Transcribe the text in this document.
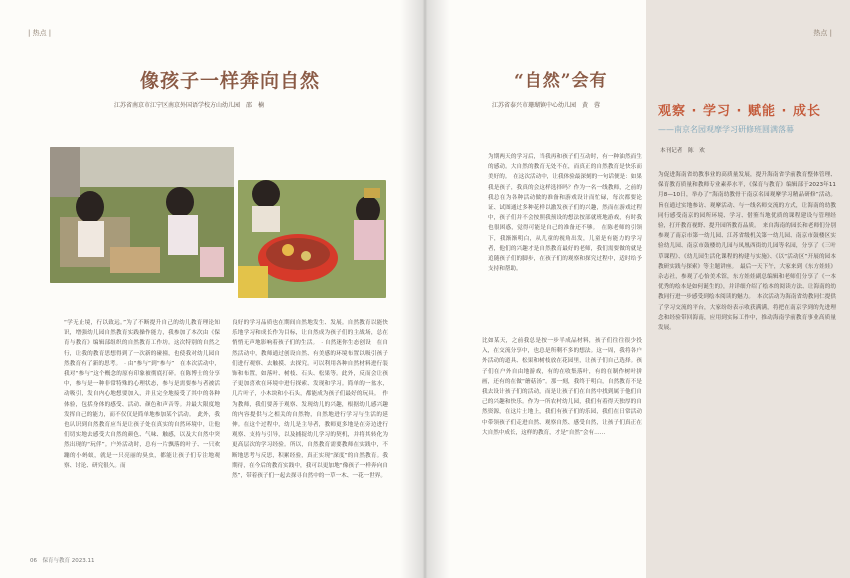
| 热点 |
像孩子一样奔向自然
江苏省南京市江宁区南京外国语学校方山幼儿园　邵　楠
“学无止境，行以致远。”为了不断提升自己的幼儿教育理论知识，增强幼儿园自然教育实践操作能力，我参加了本次由《保育与教育》编辑部组织的自然教育工作坊。这次特别的自然之行，让我的教育思想得到了一次新的碰撞，也使我对幼儿园自然教育有了新的思考。　· 由“参与”到“参与”　在本次活动中，我对“参与”这个概念的原有印象被彻底打碎。在陈博士的分享中，参与是一种非常特殊的心理状态，参与是需要参与者被活动吸引，发自内心地想要加入，并且完全地接受了其中的各种体验，包括身体的感受、活动、颜色和声音等。并最大限度地发挥自己的能力，而不仅仅是简单地参加某个活动。　此外，我也认识到自然教育应当是让孩子处在真实的自然环境中，让他们切实地去感受大自然的颜色、气味、触感，以及大自然中突然出现的“玩伴”。户外活动时，总有一片飘落的叶子、一只欢蹦的小蚂蚁，就是一只亮丽的臭虫，都能让孩子们专注地观察、讨论、研究很久。而
良好的学习品质也在期间自然地发生、发展。自然教育以能快乐地学习和成长作为目标，让自然成为孩子们的主战场，总在悄悄无声地影响着孩子们的生活。　· 自然迷你生态创设　在自然活动中，教师通过创设自然、有美感的环境布置以吸引孩子们进行观察、去触摸、去探究。可以利用各种自然材料进行装饰和布置，如落叶、树枝、石头、松果等。此外，反而会让孩子更加喜欢在环境中进行探索、发现和学习。简单的一盆水，几片叶子，小木块和小石头，都能成为孩子们最好的玩具。　作为教师，我们要善于观察、发现幼儿的兴趣，根据幼儿感兴趣的内容提供与之相关的自然物，自然地进行学习与生活的延伸。在这个过程中，幼儿是主导者，教师更多地是在旁边进行观察、支持与引导，以及捕捉幼儿学习的契机，并将其转化为更高层次的学习经验。所以，自然教育需要教师在实践中，不断地思考与反思，积累经验，真正实现“深度”的自然教育。我期待，在今后的教育实践中，我可以更加地“像孩子一样奔向自然”，带着孩子们一起去探寻自然中的一草一木、一花一世界。
06　保育与教育 2023.11
“自然”会有
江苏省泰兴市珊瑚镇中心幼儿园　黄　蓉
为期两天的学习后，当我再和孩子们互动时，有一种油然而生的感动。大自然的教育无处不在，而真正的自然教育是快乐而美好的。　在这次活动中，让我体验最深刻的一句话便是：如果我是孩子，我真的会这样选择吗？作为一名一线教师，之前的我总在为各种活动做的准备和游戏设计而忙碌，每次都要论证、试图通过多种花样以激发孩子们的兴趣，然而在游戏过程中，孩子们并不会按照我预设的想法按部就班地游戏，有时我也很困惑，觉得可能是自己的准备还不够。　在陈老师的引领下，我渐渐明白，从儿童的视角出发，儿童是有能力的学习者，他们的兴趣才是自然教育最好的老师，我们需要做的就是追随孩子们的脚步，在孩子们的观察和探究过程中，适时给予支持和帮助。
比如某天，之前我总是按一步半成品材料，孩子们往往很少投入，在交流分享中，也总是所剩不多的想法。这一周，我将各户外活动的道具、松果和树枝放在花园里，让孩子们自己选择。孩子们在户外自由地游戏，有的在收集落叶，有的在制作树叶拼画，还有的在做“蘑菇汤”。那一刻，我终于明白，自然教育不是我去设计孩子们的活动，而是让孩子们在自然中找到属于他们自己的兴趣和快乐。作为一所农村幼儿园，我们有着得天独厚的自然资源，在这片土地上，我们有孩子们的乐园，我们在日常活动中带领孩子们走进自然、观察自然、感受自然，让孩子们真正在大自然中成长，这样的教育，才是“自然”会有……
热点 |
观察 · 学习 · 赋能 · 成长
——南京名园观摩学习研修班圆满落幕
本刊记者　陈　欢
为促进海南省幼教事业的高质量发展，提升海南省学前教育整体管理、保育教育质量和教师专业素养水平，《保育与教育》编辑部于2023年11月8—10日，举办了“海南幼教骨干南京名园观摩学习精品研修”活动。旨在通过实地参访、观摩活动、与一线名师交流的方式，让海南的幼教同行感受南京的园所环境、学习、借鉴当地优质的课程建设与管理经验，打开教育视野、提升园所教育品质。　来自海南的园长和老师们分别参观了南京市第一幼儿园、江苏省级机关第一幼儿园、南京市鼓楼区实验幼儿园、南京市鼓楼幼儿园与凤凰西街幼儿园等名园，分享了《三叶草课程》、《幼儿园生活化课程的构建与实施》、《以“活动区”开展的园本教研实践与探索》等主题讲座。　最后一天下午，大家来到《东方娃娃》杂志社，参观了心怡美术馆，东方娃娃副总编辑和老师们分享了《一本优秀的绘本是如何诞生的》，并详细介绍了绘本的阅读方法、让海南的幼教同行进一步感受到绘本阅读的魅力。　本次活动为海南省幼教同仁提供了学习交流的平台，大家纷纷表示收获满满，将把在南京学到的先进理念和经验带回海南，应用到实际工作中，推动海南学前教育事业高质量发展。
